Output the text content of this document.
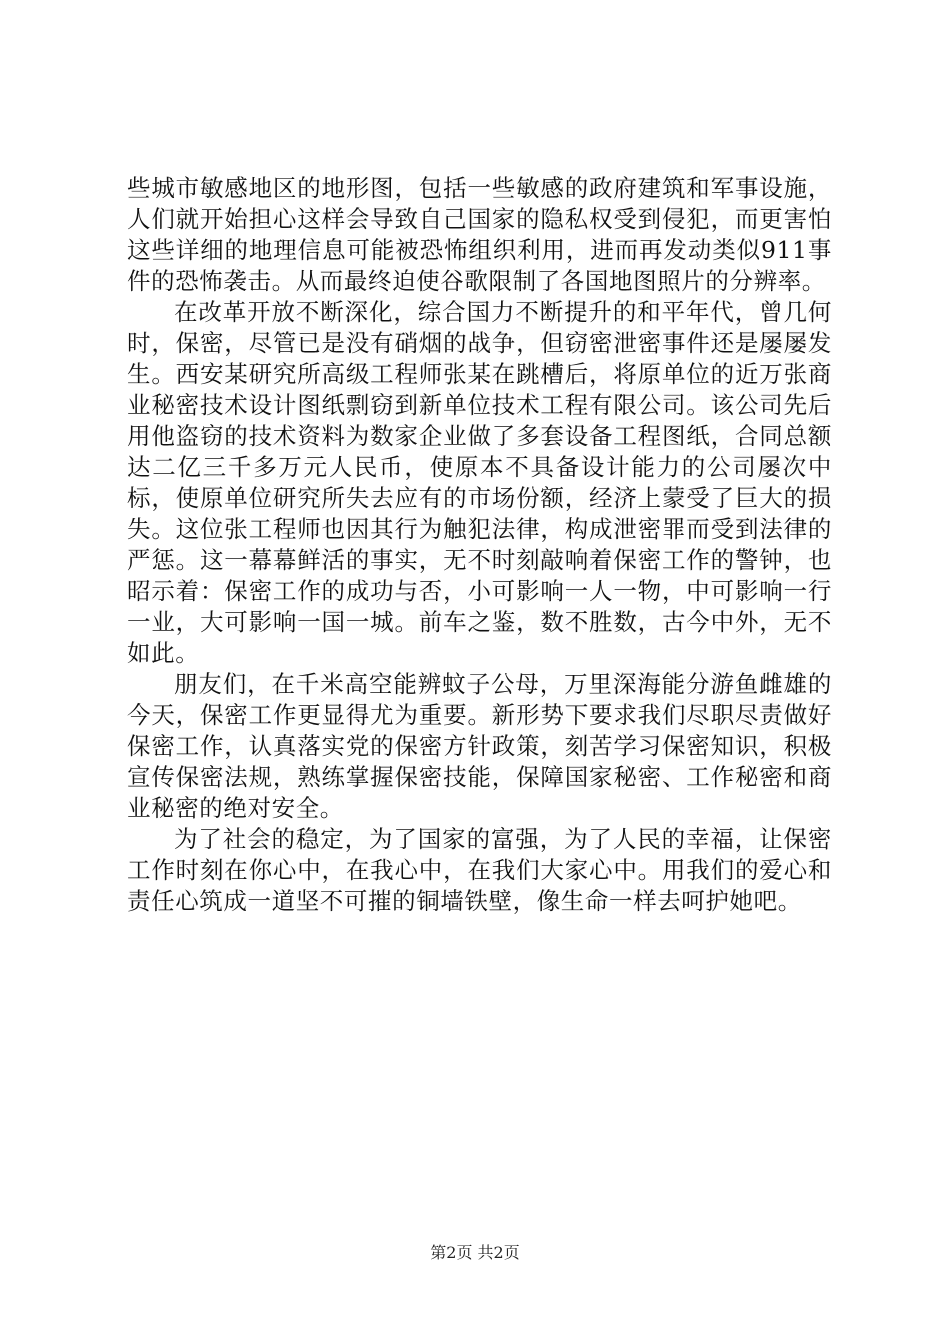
些城市敏感地区的地形图，包括一些敏感的政府建筑和军事设施，人们就开始担心这样会导致自己国家的隐私权受到侵犯，而更害怕这些详细的地理信息可能被恐怖组织利用，进而再发动类似911事件的恐怖袭击。从而最终迫使谷歌限制了各国地图照片的分辨率。

在改革开放不断深化，综合国力不断提升的和平年代，曾几何时，保密，尽管已是没有硝烟的战争，但窃密泄密事件还是屡屡发生。西安某研究所高级工程师张某在跳槽后，将原单位的近万张商业秘密技术设计图纸剽窃到新单位技术工程有限公司。该公司先后用他盗窃的技术资料为数家企业做了多套设备工程图纸，合同总额达二亿三千多万元人民币，使原本不具备设计能力的公司屡次中标，使原单位研究所失去应有的市场份额，经济上蒙受了巨大的损失。这位张工程师也因其行为触犯法律，构成泄密罪而受到法律的严惩。这一幕幕鲜活的事实，无不时刻敲响着保密工作的警钟，也昭示着：保密工作的成功与否，小可影响一人一物，中可影响一行一业，大可影响一国一城。前车之鉴，数不胜数，古今中外，无不如此。

朋友们，在千米高空能辨蚊子公母，万里深海能分游鱼雌雄的今天，保密工作更显得尤为重要。新形势下要求我们尽职尽责做好保密工作，认真落实党的保密方针政策，刻苦学习保密知识，积极宣传保密法规，熟练掌握保密技能，保障国家秘密、工作秘密和商业秘密的绝对安全。

为了社会的稳定，为了国家的富强，为了人民的幸福，让保密工作时刻在你心中，在我心中，在我们大家心中。用我们的爱心和责任心筑成一道坚不可摧的铜墙铁壁，像生命一样去呵护她吧。

第2页 共2页
